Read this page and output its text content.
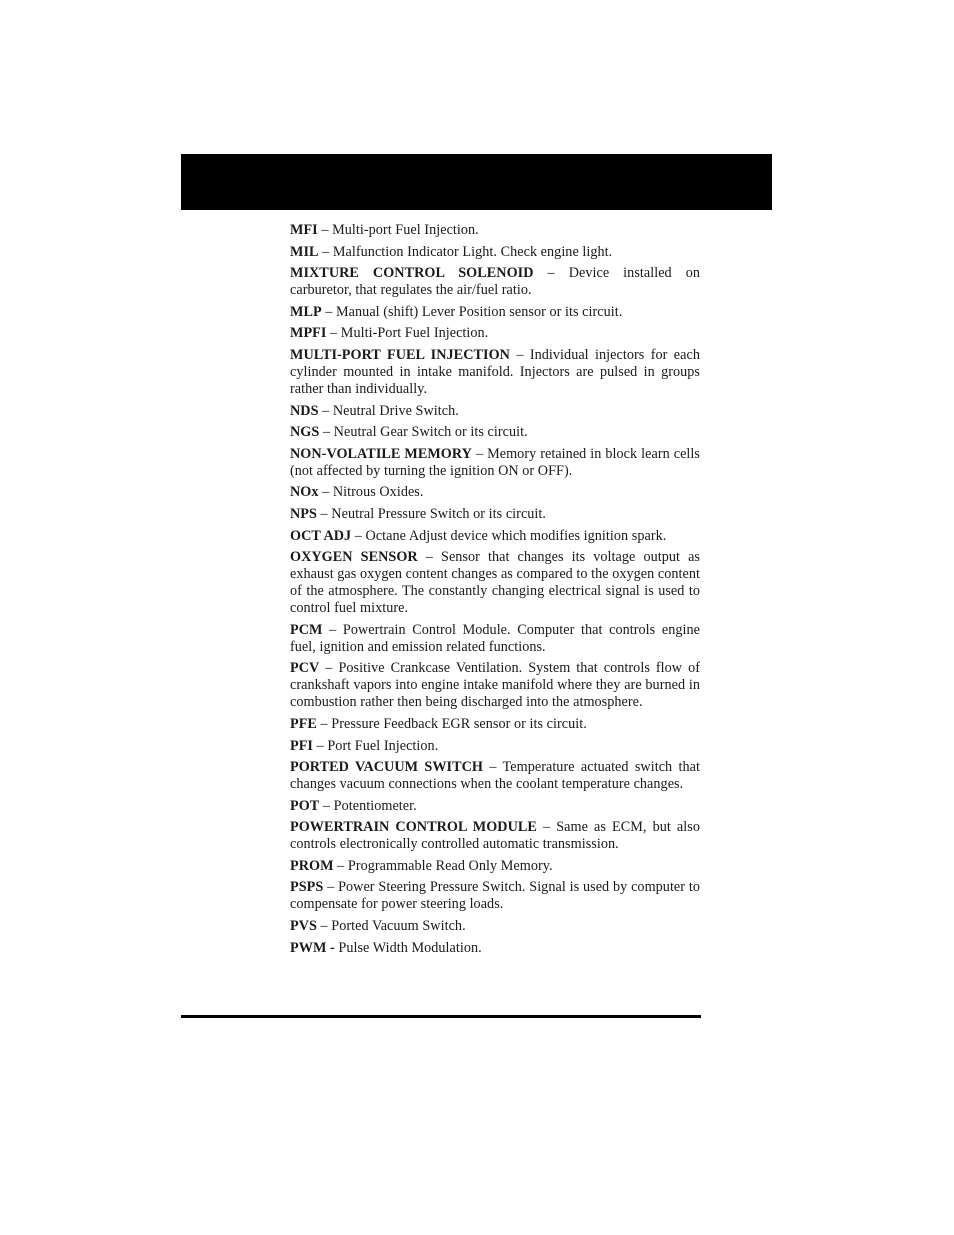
MFI – Multi-port Fuel Injection.

MIL – Malfunction Indicator Light. Check engine light.

MIXTURE CONTROL SOLENOID – Device installed on carburetor, that regulates the air/fuel ratio.

MLP – Manual (shift) Lever Position sensor or its circuit.

MPFI – Multi-Port Fuel Injection.

MULTI-PORT FUEL INJECTION – Individual injectors for each cylinder mounted in intake manifold. Injectors are pulsed in groups rather than individually.

NDS – Neutral Drive Switch.

NGS – Neutral Gear Switch or its circuit.

NON-VOLATILE MEMORY – Memory retained in block learn cells (not affected by turning the ignition ON or OFF).

NOx – Nitrous Oxides.

NPS – Neutral Pressure Switch or its circuit.

OCT ADJ – Octane Adjust device which modifies ignition spark.

OXYGEN SENSOR – Sensor that changes its voltage output as exhaust gas oxygen content changes as compared to the oxygen content of the atmosphere. The constantly changing electrical signal is used to control fuel mixture.

PCM – Powertrain Control Module. Computer that controls engine fuel, ignition and emission related functions.

PCV – Positive Crankcase Ventilation. System that controls flow of crankshaft vapors into engine intake manifold where they are burned in combustion rather then being discharged into the atmosphere.

PFE – Pressure Feedback EGR sensor or its circuit.

PFI – Port Fuel Injection.

PORTED VACUUM SWITCH – Temperature actuated switch that changes vacuum connections when the coolant temperature changes.

POT – Potentiometer.

POWERTRAIN CONTROL MODULE – Same as ECM, but also controls electronically controlled automatic transmission.

PROM – Programmable Read Only Memory.

PSPS – Power Steering Pressure Switch. Signal is used by computer to compensate for power steering loads.

PVS – Ported Vacuum Switch.

PWM - Pulse Width Modulation.
